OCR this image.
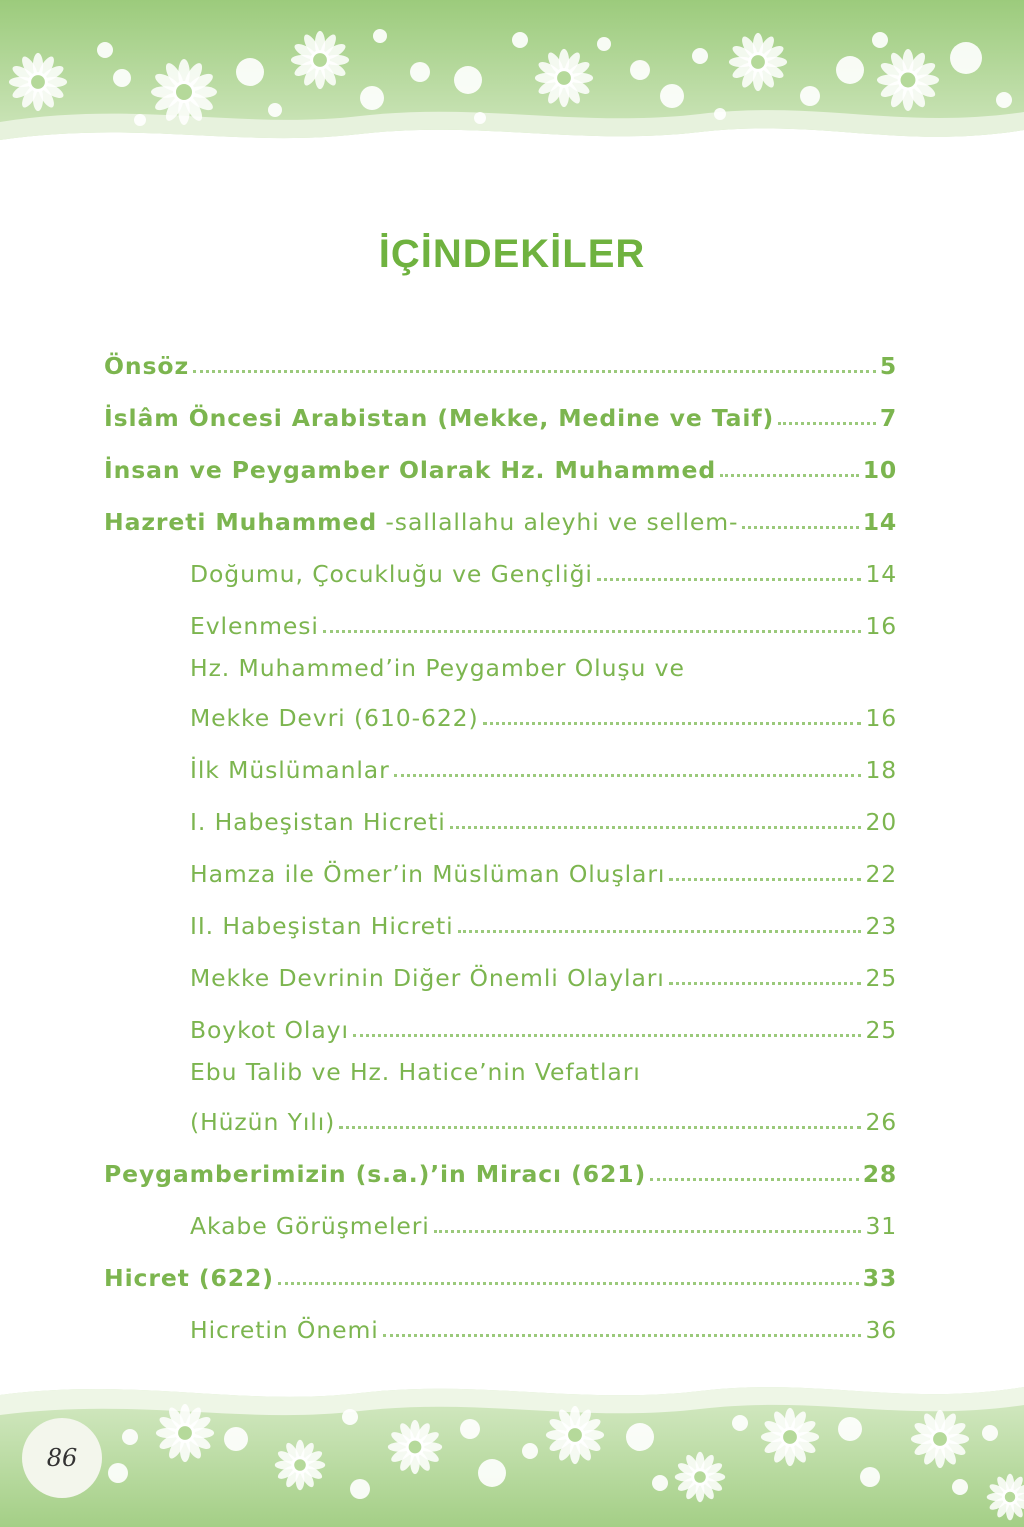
İÇİNDEKİLER
Önsöz	5
İslâm Öncesi Arabistan (Mekke, Medine ve Taif)	7
İnsan ve Peygamber Olarak Hz. Muhammed	10
Hazreti Muhammed -sallallahu aleyhi ve sellem-	14
Doğumu, Çocukluğu ve Gençliği	14
Evlenmesi	16
Hz. Muhammed’in Peygamber Oluşu ve
Mekke Devri (610-622)	16
İlk Müslümanlar	18
I. Habeşistan Hicreti	20
Hamza ile Ömer’in Müslüman Oluşları	22
II. Habeşistan Hicreti	23
Mekke Devrinin Diğer Önemli Olayları	25
Boykot Olayı	25
Ebu Talib ve Hz. Hatice’nin Vefatları
(Hüzün Yılı)	26
Peygamberimizin (s.a.)’in Miracı (621)	28
Akabe Görüşmeleri	31
Hicret (622)	33
Hicretin Önemi	36
86
